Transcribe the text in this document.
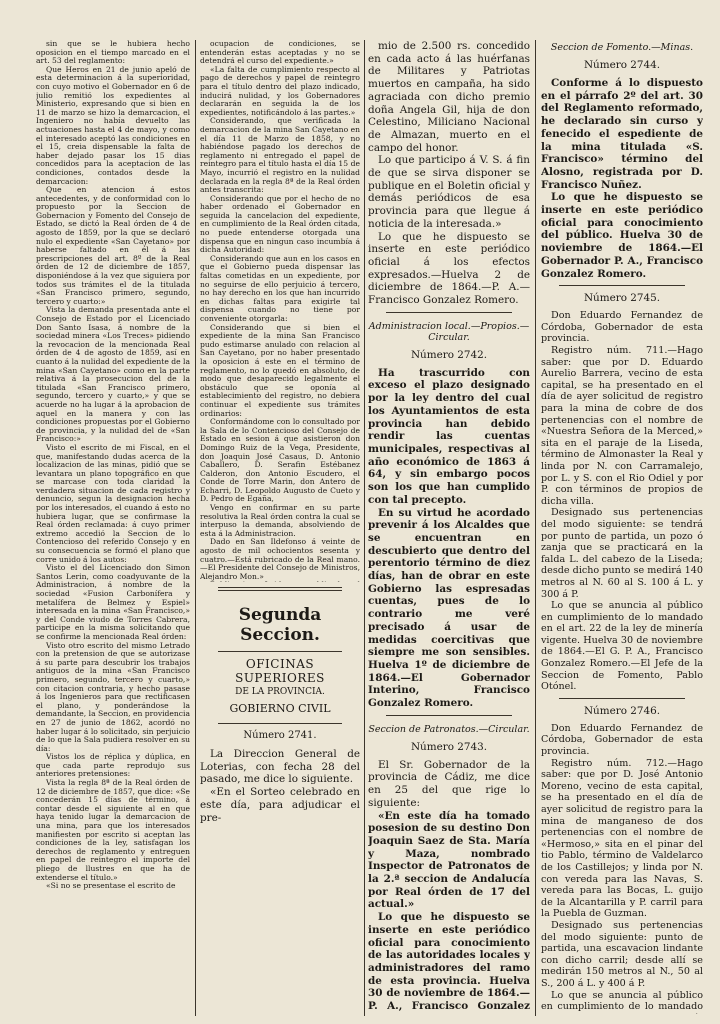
sin que se le hubiera hecho oposicion en el tiempo marcado en el art. 53 del reglamento:

Que Heros en 21 de junio apeló de esta determinacion á la superioridad, con cuyo motivo el Gobernador en 6 de julio remitió los expedientes al Ministerio, expresando que si bien en 11 de marzo se hizo la demarcacion, el Ingeniero no había devuelto las actuaciones hasta el 4 de mayo, y como el interesado aceptó las condiciones en el 15, creia dispensable la falta de haber dejado pasar los 15 dias concedidos para la aceptacion de las condiciones, contados desde la demarcacion:

Que en atencion á estos antecedentes, y de conformidad con lo propuesto por la Seccion de Gobernacion y Fomento del Consejo de Estado, se dictó la Real órden de 4 de agosto de 1859, por la que se declaró nulo el expediente «San Cayetano» por haberse faltado en él á las prescripciones del art. 8º de la Real órden de 12 de diciembre de 1857, disponiéndose á la vez que siguiera por todos sus trámites el de la titulada «San Francisco primero, segundo, tercero y cuarto:»

Vista la demanda presentada ante el Consejo de Estado por el Licenciado Don Santo Isasa, á nombre de la sociedad minera «Los Treces» pidiendo la revocacion de la mencionada Real órden de 4 de agosto de 1859, así en cuanto á la nulidad del expediente de la mina «San Cayetano» como en la parte relativa á la prosecucion del de la titulada «San Francisco primero, segundo, tercero y cuarto,» y que se acuerde no ha lugar á la aprobacion de aquel en la manera y con las condiciones propuestas por el Gobierno de provincia, y la nulidad del de «San Francisco:»

Visto el escrito de mi Fiscal, en el que, manifestando dudas acerca de la localizacion de las minas, pidió que se levantara un plano topográfico en que se marcase con toda claridad la verdadera situacion de cada registro y denuncio, segun la designacion hecha por los interesados, el cuando á esto no hubiera lugar, que se confirmase la Real órden reclamada: á cuyo primer extremo accedió la Seccion de lo Contencioso del referido Consejo y en su consecuencia se formó el plano que corre unido á los autos:

Visto el del Licenciado don Simon Santos Lerin, como coadyuvante de la Administracion, á nombre de la sociedad «Fusion Carbonífera y metalífera de Belmez y Espiel» interesada en la mina «San Francisco,» y del Conde viudo de Torres Cabrera, participe en la misma solicitando que se confirme la mencionada Real órden:

Visto otro escrito del mismo Letrado con la pretension de que se autorizase á su parte para descubrir los trabajos antiguos de la mina «San Francisco primero, segundo, tercero y cuarto,» con citacion contraria, y hecho pasase á los Ingenieros para que rectificasen el plano, y ponderándose la demandante, la Seccion, en providencia en 27 de junio de 1862, acordó no haber lugar á lo solicitado, sin perjuicio de lo que la Sala pudiera resolver en su día:

Vistos los de réplica y dúplica, en que cada parte reprodujo sus anteriores pretensiones:

Vista la regla 8ª de la Real órden de 12 de diciembre de 1857, que dice: «Se concederán 15 días de término, á contar desde el siguiente al en que haya tenido lugar la demarcacion de una mina, para que los interesados manifiesten por escrito si aceptan las condiciones de la ley, satisfagan los derechos de reglamento y entreguen en papel de reintegro el importe del pliego de llustres en que ha de extenderse el título.»

«Si no se presentase el escrito de

ocupacion de condiciones, se entenderán estas aceptadas y no se detendrá el curso del expediente.»

«La falta de cumplimiento respecto al pago de derechos y papel de reintegro para el título dentro del plazo indicado, inducirá nulidad, y los Gobernadores declararán en seguida la de los expedientes, notificándolo á las partes.»

Considerando, que verificada la demarcacion de la mina San Cayetano en el día 11 de Marzo de 1858, y no habiéndose pagado los derechos de reglamento ni entregado el papel de reintegro para el título hasta el día 15 de Mayo, incurrió el registro en la nulidad declarada en la regla 8ª de la Real órden antes transcrita:

Considerando que por el hecho de no haber ordenado el Gobernador en seguida la cancelacion del expediente, en cumplimiento de la Real órden citada, no puede entenderse otorgada una dispensa que en ningun caso incumbía á dicha Autoridad:

Considerando que aun en los casos en que el Gobierno pueda dispensar las faltas cometidas en un expediente, por no seguirse de ello perjuicio á tercero, no hay derecho en los que han incurrido en dichas faltas para exigirle tal dispensa cuando no tiene por conveniente otorgarla:

Considerando que si bien el expediente de la mina San Francisco pudo estimarse anulado con relacion al San Cayetano, por no haber presentado la oposicion á este en el término de reglamento, no lo quedó en absoluto, de modo que desaparecido legalmente el obstáculo que se oponía al establecimiento del registro, no debiera continuar el expediente sus trámites ordinarios:

Conformándome con lo consultado por la Sala de lo Contencioso del Consejo de Estado en sesion á que asistieron don Domingo Ruiz de la Vega, Presidente, don Joaquin José Casaus, D. Antonio Caballero, D. Serafin Estébanez Calderon, don Antonio Escudero, el Conde de Torre Marin, don Antero de Echarri, D. Leopoldo Augusto de Cueto y D. Pedro de Egaña,

Vengo en confirmar en su parte resolutiva la Real órden contra la cual se interpuso la demanda, absolviendo de esta á la Administracion.

Dado en San Ildefonso á veinte de agosto de mil ochocientos sesenta y cuatro.—Está rubricado de la Real mano.—El Presidente del Consejo de Ministros, Alejandro Mon.»

Segunda Seccion.
OFICINAS SUPERIORES
DE LA PROVINCIA.
GOBIERNO CIVIL
Número 2741.

La Direccion General de Loterias, con fecha 28 del pasado, me dice lo siguiente.

«En el Sorteo celebrado en este día, para adjudicar el pre-

mio de 2.500 rs. concedido en cada acto á las huérfanas de Militares y Patriotas muertos en campaña, ha sido agraciada con dicho premio doña Angela Gil, hija de don Celestino, Miliciano Nacional de Almazan, muerto en el campo del honor.

Lo que participo á V. S. á fin de que se sirva disponer se publique en el Boletin oficial y demás periódicos de esa provincia para que llegue á noticia de la interesada.»

Lo que he dispuesto se inserte en este periódico oficial á los efectos expresados.—Huelva 2 de diciembre de 1864.—P. A.—Francisco Gonzalez Romero.

Administracion local.—Propios.—Circular.
Número 2742.

Ha trascurrido con exceso el plazo designado por la ley dentro del cual los Ayuntamientos de esta provincia han debido rendir las cuentas municipales, respectivas al año económico de 1863 á 64, y sin embargo pocos son los que han cumplido con tal precepto.

En su virtud he acordado prevenir á los Alcaldes que se encuentran en descubierto que dentro del perentorio término de diez días, han de obrar en este Gobierno las espresadas cuentas, pues de lo contrario me veré precisado á usar de medidas coercitivas que siempre me son sensibles. Huelva 1º de diciembre de 1864.—El Gobernador Interino, Francisco Gonzalez Romero.

Seccion de Patronatos.—Circular.
Número 2743.

El Sr. Gobernador de la provincia de Cádiz, me dice en 25 del que rige lo siguiente:

«En este día ha tomado posesion de su destino Don Joaquin Saez de Sta. María y Maza, nombrado Inspector de Patronatos de la 2.ª seccion de Andalucía por Real órden de 17 del actual.»

Lo que he dispuesto se inserte en este periódico oficial para conocimiento de las autoridades locales y administradores del ramo de esta provincia. Huelva 30 de noviembre de 1864.—P. A., Francisco Gonzalez

Seccion de Fomento.—Minas.
Número 2744.

Conforme á lo dispuesto en el párrafo 2º del art. 30 del Reglamento reformado, he declarado sin curso y fenecido el espediente de la mina titulada «S. Francisco» término del Alosno, registrada por D. Francisco Nuñez.

Lo que he dispuesto se inserte en este periódico oficial para conocimiento del público. Huelva 30 de noviembre de 1864.—El Gobernador P. A., Francisco Gonzalez Romero.

Número 2745.

Don Eduardo Fernandez de Córdoba, Gobernador de esta provincia.

Registro núm. 711.—Hago saber: que por D. Eduardo Aurelio Barrera, vecino de esta capital, se ha presentado en el día de ayer solicitud de registro para la mina de cobre de dos pertenencias con el nombre de «Nuestra Señora de la Merced,» sita en el paraje de la Liseda, término de Almonaster la Real y linda por N. con Carramalejo, por L. y S. con el Rio Odiel y por P. con términos de propios de dicha villa.

Designado sus pertenencias del modo siguiente: se tendrá por punto de partida, un pozo ó zanja que se practicará en la falda L. del cabezo de la Liseda; desde dicho punto se medirá 140 metros al N. 60 al S. 100 á L. y 300 á P.

Lo que se anuncia al público en cumplimiento de lo mandado en el art. 22 de la ley de minería vigente. Huelva 30 de noviembre de 1864.—El G. P. A., Francisco Gonzalez Romero.—El Jefe de la Seccion de Fomento, Pablo Otónel.

Número 2746.

Don Eduardo Fernandez de Córdoba, Gobernador de esta provincia.

Registro núm. 712.—Hago saber: que por D. José Antonio Moreno, vecino de esta capital, se ha presentado en el día de ayer solicitud de registro para la mina de manganeso de dos pertenencias con el nombre de «Hermoso,» sita en el pinar del tio Pablo, término de Valdelarco de los Castillejos; y linda por N. con vereda para las Navas, S. vereda para las Bocas, L. guijo de la Alcantarilla y P. carril para la Puebla de Guzman.

Designado sus pertenencias del modo siguiente: punto de partida, una escavacion lindante con dicho carril; desde allí se medirán 150 metros al N., 50 al S., 200 á L. y 400 á P.

Lo que se anuncia al público en cumplimiento de lo mandado
